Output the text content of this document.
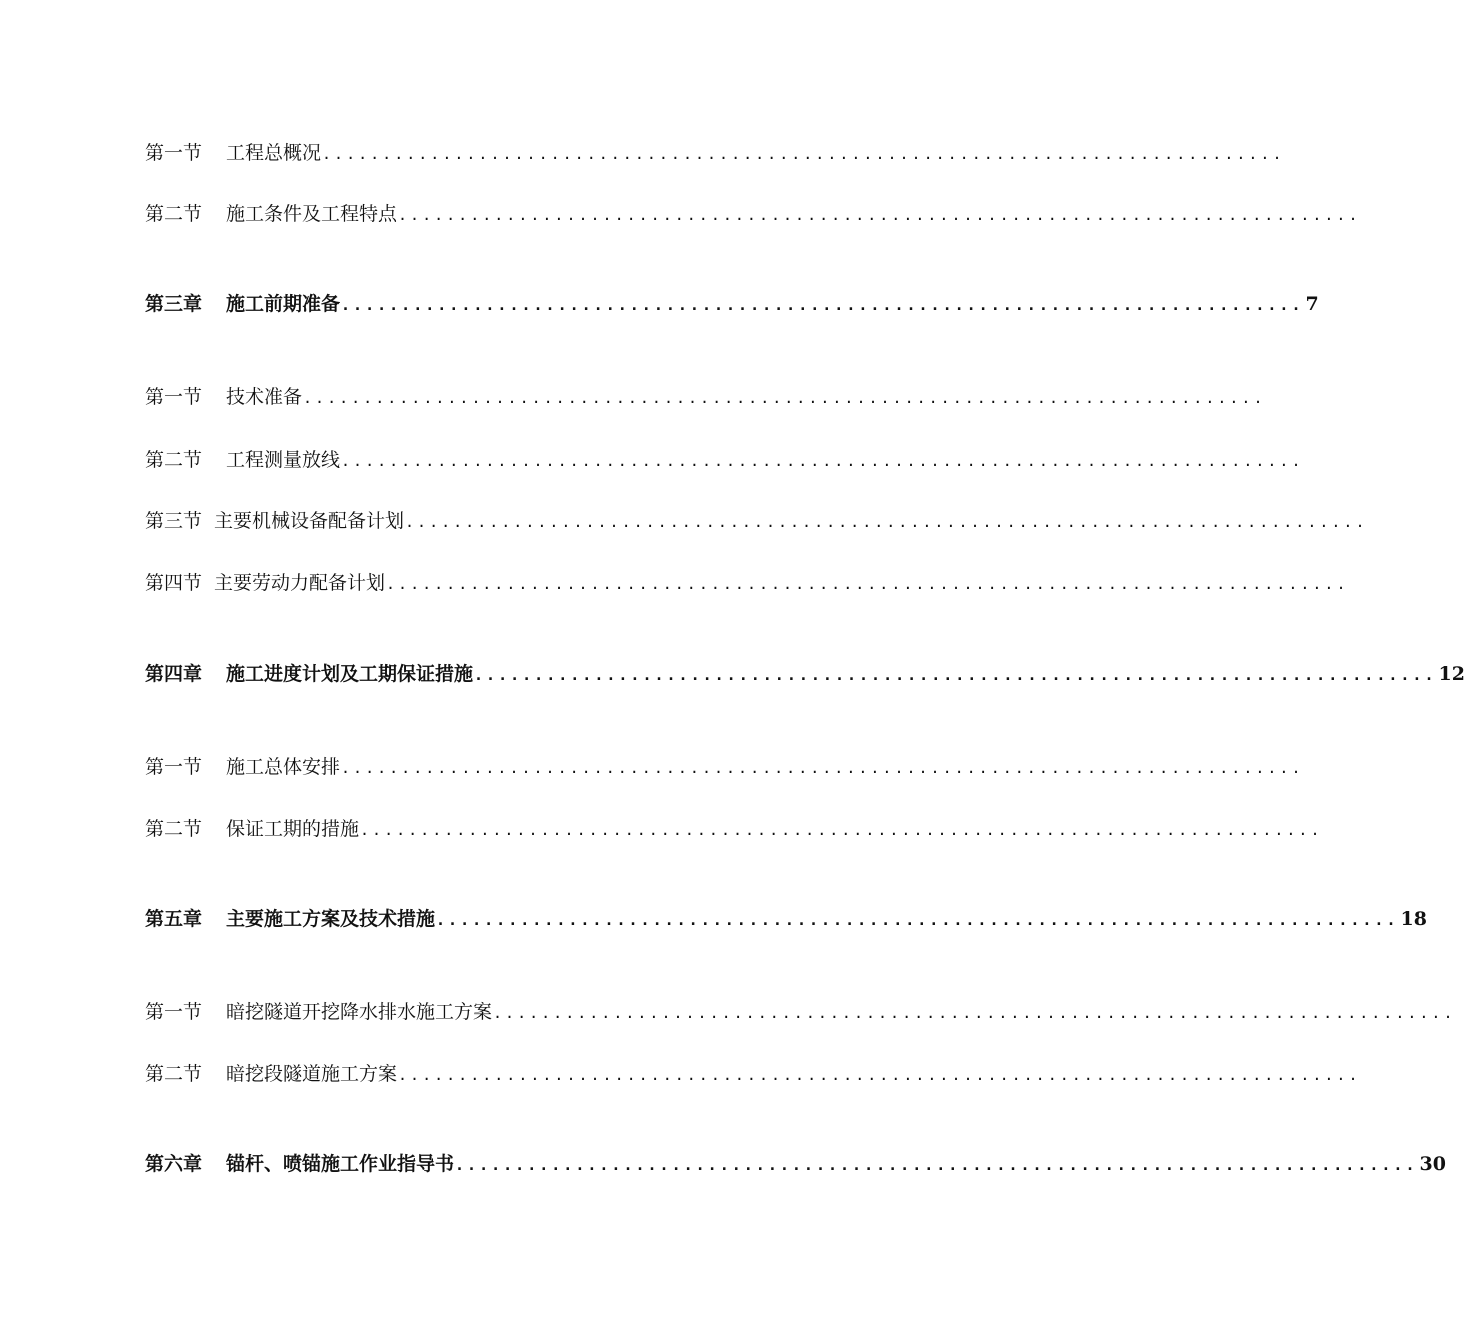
第一节 工程总概况 ................................................................................
第二节 施工条件及工程特点 ................................................................................
第三章 施工前期准备 ................................................................................ 7
第一节 技术准备 ................................................................................
第二节 工程测量放线 ................................................................................
第三节 主要机械设备配备计划 ................................................................................
第四节 主要劳动力配备计划 ................................................................................
第四章 施工进度计划及工期保证措施 ................................................................................ 12
第一节 施工总体安排 ................................................................................
第二节 保证工期的措施 ................................................................................
第五章 主要施工方案及技术措施 ................................................................................ 18
第一节 暗挖隧道开挖降水排水施工方案 ................................................................................
第二节 暗挖段隧道施工方案 ................................................................................
第六章 锚杆、喷锚施工作业指导书 ................................................................................ 30
